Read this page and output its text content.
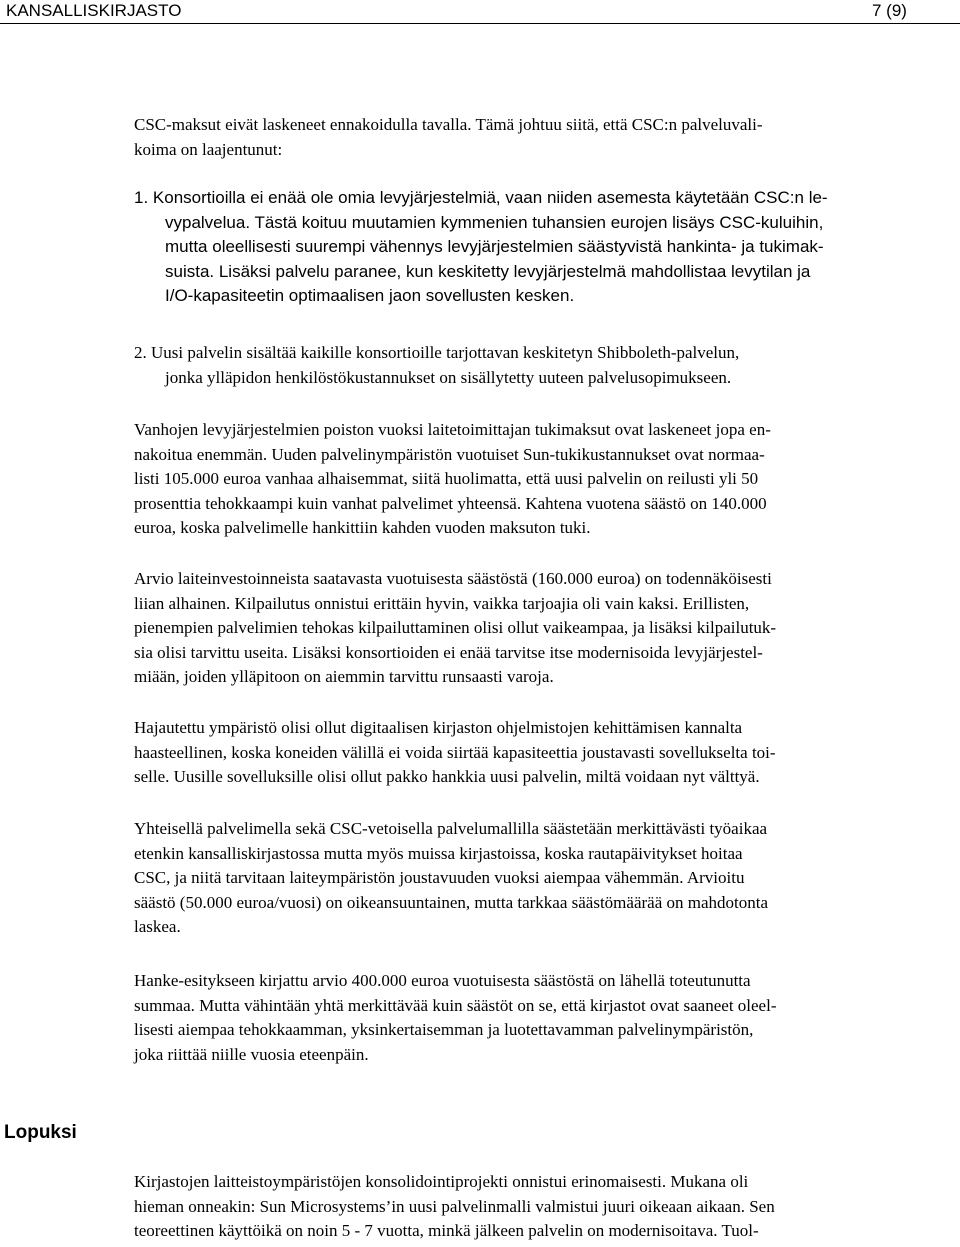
KANSALLISKIRJASTO	7 (9)
CSC-maksut eivät laskeneet ennakoidulla tavalla. Tämä johtuu siitä, että CSC:n palveluvali-
koima on laajentunut:
1. Konsortioilla ei enää ole omia levyjärjestelmiä, vaan niiden asemesta käytetään CSC:n le-
vypalvelua. Tästä koituu muutamien kymmenien tuhansien eurojen lisäys CSC-kuluihin,
mutta oleellisesti suurempi vähennys levyjärjestelmien säästyvistä hankinta- ja tukimak-
suista. Lisäksi palvelu paranee, kun keskitetty levyjärjestelmä mahdollistaa levytilan ja
I/O-kapasiteetin optimaalisen jaon sovellusten kesken.
2. Uusi palvelin sisältää kaikille konsortioille tarjottavan keskitetyn Shibboleth-palvelun,
jonka ylläpidon henkilöstökustannukset on sisällytetty uuteen palvelusopimukseen.
Vanhojen levyjärjestelmien poiston vuoksi laitetoimittajan tukimaksut ovat laskeneet jopa en-
nakoitua enemmän. Uuden palvelinympäristön vuotuiset Sun-tukikustannukset ovat normaa-
listi 105.000 euroa vanhaa alhaisemmat, siitä huolimatta, että uusi palvelin on reilusti yli 50
prosenttia tehokkaampi kuin vanhat palvelimet yhteensä. Kahtena vuotena säästö on 140.000
euroa, koska palvelimelle hankittiin kahden vuoden maksuton tuki.
Arvio laiteinvestoinneista saatavasta vuotuisesta säästöstä (160.000 euroa) on todennäköisesti
liian alhainen. Kilpailutus onnistui erittäin hyvin, vaikka tarjoajia oli vain kaksi. Erillisten,
pienempien palvelimien tehokas kilpailuttaminen olisi ollut vaikeampaa, ja lisäksi kilpailutuk-
sia olisi tarvittu useita. Lisäksi konsortioiden ei enää tarvitse itse modernisoida levyjärjestel-
miään, joiden ylläpitoon on aiemmin tarvittu runsaasti varoja.
Hajautettu ympäristö olisi ollut digitaalisen kirjaston ohjelmistojen kehittämisen kannalta
haasteellinen, koska koneiden välillä ei voida siirtää kapasiteettia joustavasti sovellukselta toi-
selle. Uusille sovelluksille olisi ollut pakko hankkia uusi palvelin, miltä voidaan nyt välttyä.
Yhteisellä palvelimella sekä CSC-vetoisella palvelumallilla säästetään merkittävästi työaikaa
etenkin kansalliskirjastossa mutta myös muissa kirjastoissa, koska rautapäivitykset hoitaa
CSC, ja niitä tarvitaan laiteympäristön joustavuuden vuoksi aiempaa vähemmän. Arvioitu
säästö (50.000 euroa/vuosi) on oikeansuuntainen, mutta tarkkaa säästömäärää on mahdotonta
laskea.
Hanke-esitykseen kirjattu arvio 400.000 euroa vuotuisesta säästöstä on lähellä toteutunutta
summaa. Mutta vähintään yhtä merkittävää kuin säästöt on se, että kirjastot ovat saaneet oleel-
lisesti aiempaa tehokkaamman, yksinkertaisemman ja luotettavamman palvelinympäristön,
joka riittää niille vuosia eteenpäin.
Lopuksi
Kirjastojen laitteistoympäristöjen konsolidointiprojekti onnistui erinomaisesti. Mukana oli
hieman onneakin: Sun Microsystems’in uusi palvelinmalli valmistui juuri oikeaan aikaan. Sen
teoreettinen käyttöikä on noin 5 - 7 vuotta, minkä jälkeen palvelin on modernisoitava. Tuol-
